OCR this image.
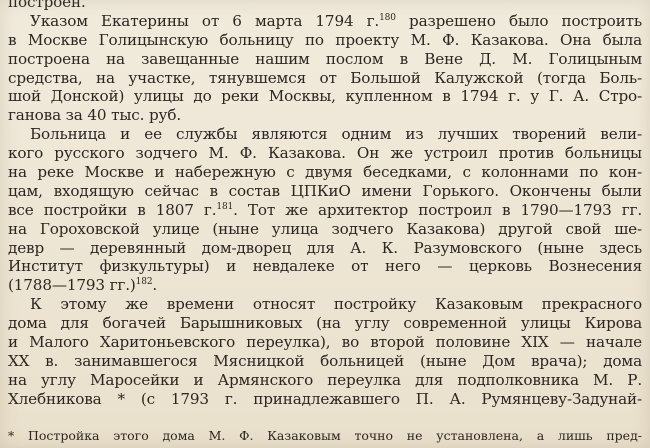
построен.
Указом Екатерины от 6 марта 1794 г.$^{180}$ разрешено было построить
в Москве Голицынскую больницу по проекту М. Ф. Казакова. Она была
построена на завещанные нашим послом в Вене Д. М. Голицыным
средства, на участке, тянувшемся от Большой Калужской (тогда Боль-
шой Донской) улицы до реки Москвы, купленном в 1794 г. у Г. А. Стро-
ганова за 40 тыс. руб.
Больница и ее службы являются одним из лучших творений вели-
кого русского зодчего М. Ф. Казакова. Он же устроил против больницы
на реке Москве и набережную с двумя беседками, с колоннами по кон-
цам, входящую сейчас в состав ЦПКиО имени Горького. Окончены были
все постройки в 1807 г.$^{181}$. Тот же архитектор построил в 1790—1793 гг.
на Гороховской улице (ныне улица зодчего Казакова) другой свой ше-
девр — деревянный дом-дворец для А. К. Разумовского (ныне здесь
Институт физкультуры) и невдалеке от него — церковь Вознесения
(1788—1793 гг.)$^{182}$.
К этому же времени относят постройку Казаковым прекрасного
дома для богачей Барышниковых (на углу современной улицы Кирова
и Малого Харитоньевского переулка), во второй половине XIX — начале
XX в. занимавшегося Мясницкой больницей (ныне Дом врача); дома
на углу Маросейки и Армянского переулка для подполковника М. Р.
Хлебникова * (с 1793 г. принадлежавшего П. А. Румянцеву-Задунай-
* Постройка этого дома М. Ф. Казаковым точно не установлена, а лишь пред-
